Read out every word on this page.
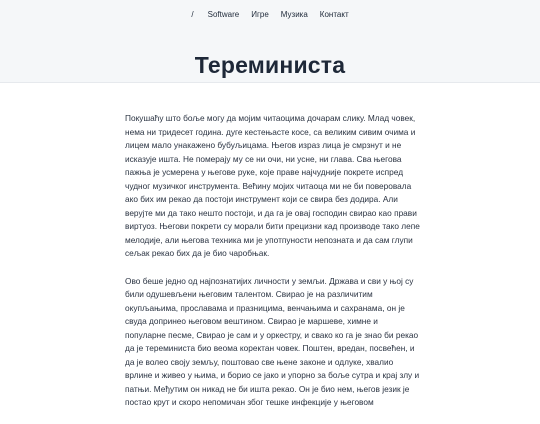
/ Software Игре Музика Контакт
Тереминиста

Покушаћу што боље могу да мојим читаоцима дочарам слику. Млад човек, нема ни тридесет година. дуге кестењасте косе, са великим сивим очима и лицем мало унакажено бубуљицама. Његов израз лица је смрзнут и не исказује ишта. Не померају му се ни очи, ни усне, ни глава. Сва његова пажња је усмерена у његове руке, које праве најчудније покрете испред чудног музичког инструмента. Већину мојих читаоца ми не би поверовала ако бих им рекао да постоји инструмент који се свира без додира. Али верујте ми да тако нешто постоји, и да га је овај господин свирао као прави виртуоз. Његови покрети су морали бити прецизни кад производе тако лепе мелодије, али његова техника ми је употпуности непозната и да сам глупи сељак рекао бих да је био чаробњак.

Ово беше једно од најпознатијих личности у земљи. Држава и сви у њој су били одушевљени његовим талентом. Свирао је на различитим окупљањима, прославама и празницима, венчањима и сахранама, он је свуда допринео његовом вештином. Свирао је маршеве, химне и популарне песме, Свирао је сам и у оркестру, и свако ко га је знао би рекао да је тереминиста био веома коректан човек. Поштен, вредан, посвећен, и да је волео своју земљу, поштовао све њене законе и одлуке, хвалио врлине и живео у њима, и борио се јако и упорно за боље сутра и крај злу и патњи. Међутим он никад не би ишта рекао. Он је био нем, његов језик је постао крут и скоро непомичан због тешке инфекције у његовом
